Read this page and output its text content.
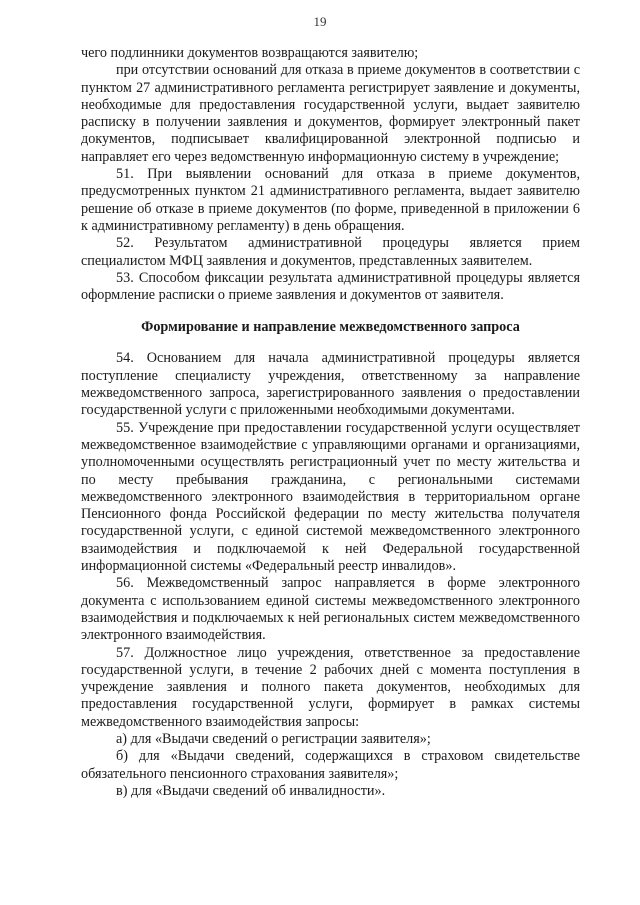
19

чего подлинники документов возвращаются заявителю;

при отсутствии оснований для отказа в приеме документов в соответствии с пунктом 27 административного регламента регистрирует заявление и документы, необходимые для предоставления государственной услуги, выдает заявителю расписку в получении заявления и документов, формирует электронный пакет документов, подписывает квалифицированной электронной подписью и направляет его через ведомственную информационную систему в учреждение;

51. При выявлении оснований для отказа в приеме документов, предусмотренных пунктом 21 административного регламента, выдает заявителю решение об отказе в приеме документов (по форме, приведенной в приложении 6 к административному регламенту) в день обращения.

52. Результатом административной процедуры является прием специалистом МФЦ заявления и документов, представленных заявителем.

53. Способом фиксации результата административной процедуры является оформление расписки о приеме заявления и документов от заявителя.

Формирование и направление межведомственного запроса

54. Основанием для начала административной процедуры является поступление специалисту учреждения, ответственному за направление межведомственного запроса, зарегистрированного заявления о предоставлении государственной услуги с приложенными необходимыми документами.

55. Учреждение при предоставлении государственной услуги осуществляет межведомственное взаимодействие с управляющими органами и организациями, уполномоченными осуществлять регистрационный учет по месту жительства и по месту пребывания гражданина, с региональными системами межведомственного электронного взаимодействия в территориальном органе Пенсионного фонда Российской федерации по месту жительства получателя государственной услуги, с единой системой межведомственного электронного взаимодействия и подключаемой к ней Федеральной государственной информационной системы «Федеральный реестр инвалидов».

56. Межведомственный запрос направляется в форме электронного документа с использованием единой системы межведомственного электронного взаимодействия и подключаемых к ней региональных систем межведомственного электронного взаимодействия.

57. Должностное лицо учреждения, ответственное за предоставление государственной услуги, в течение 2 рабочих дней с момента поступления в учреждение заявления и полного пакета документов, необходимых для предоставления государственной услуги, формирует в рамках системы межведомственного взаимодействия запросы:

а) для «Выдачи сведений о регистрации заявителя»;

б) для «Выдачи сведений, содержащихся в страховом свидетельстве обязательного пенсионного страхования заявителя»;

в) для «Выдачи сведений об инвалидности».
